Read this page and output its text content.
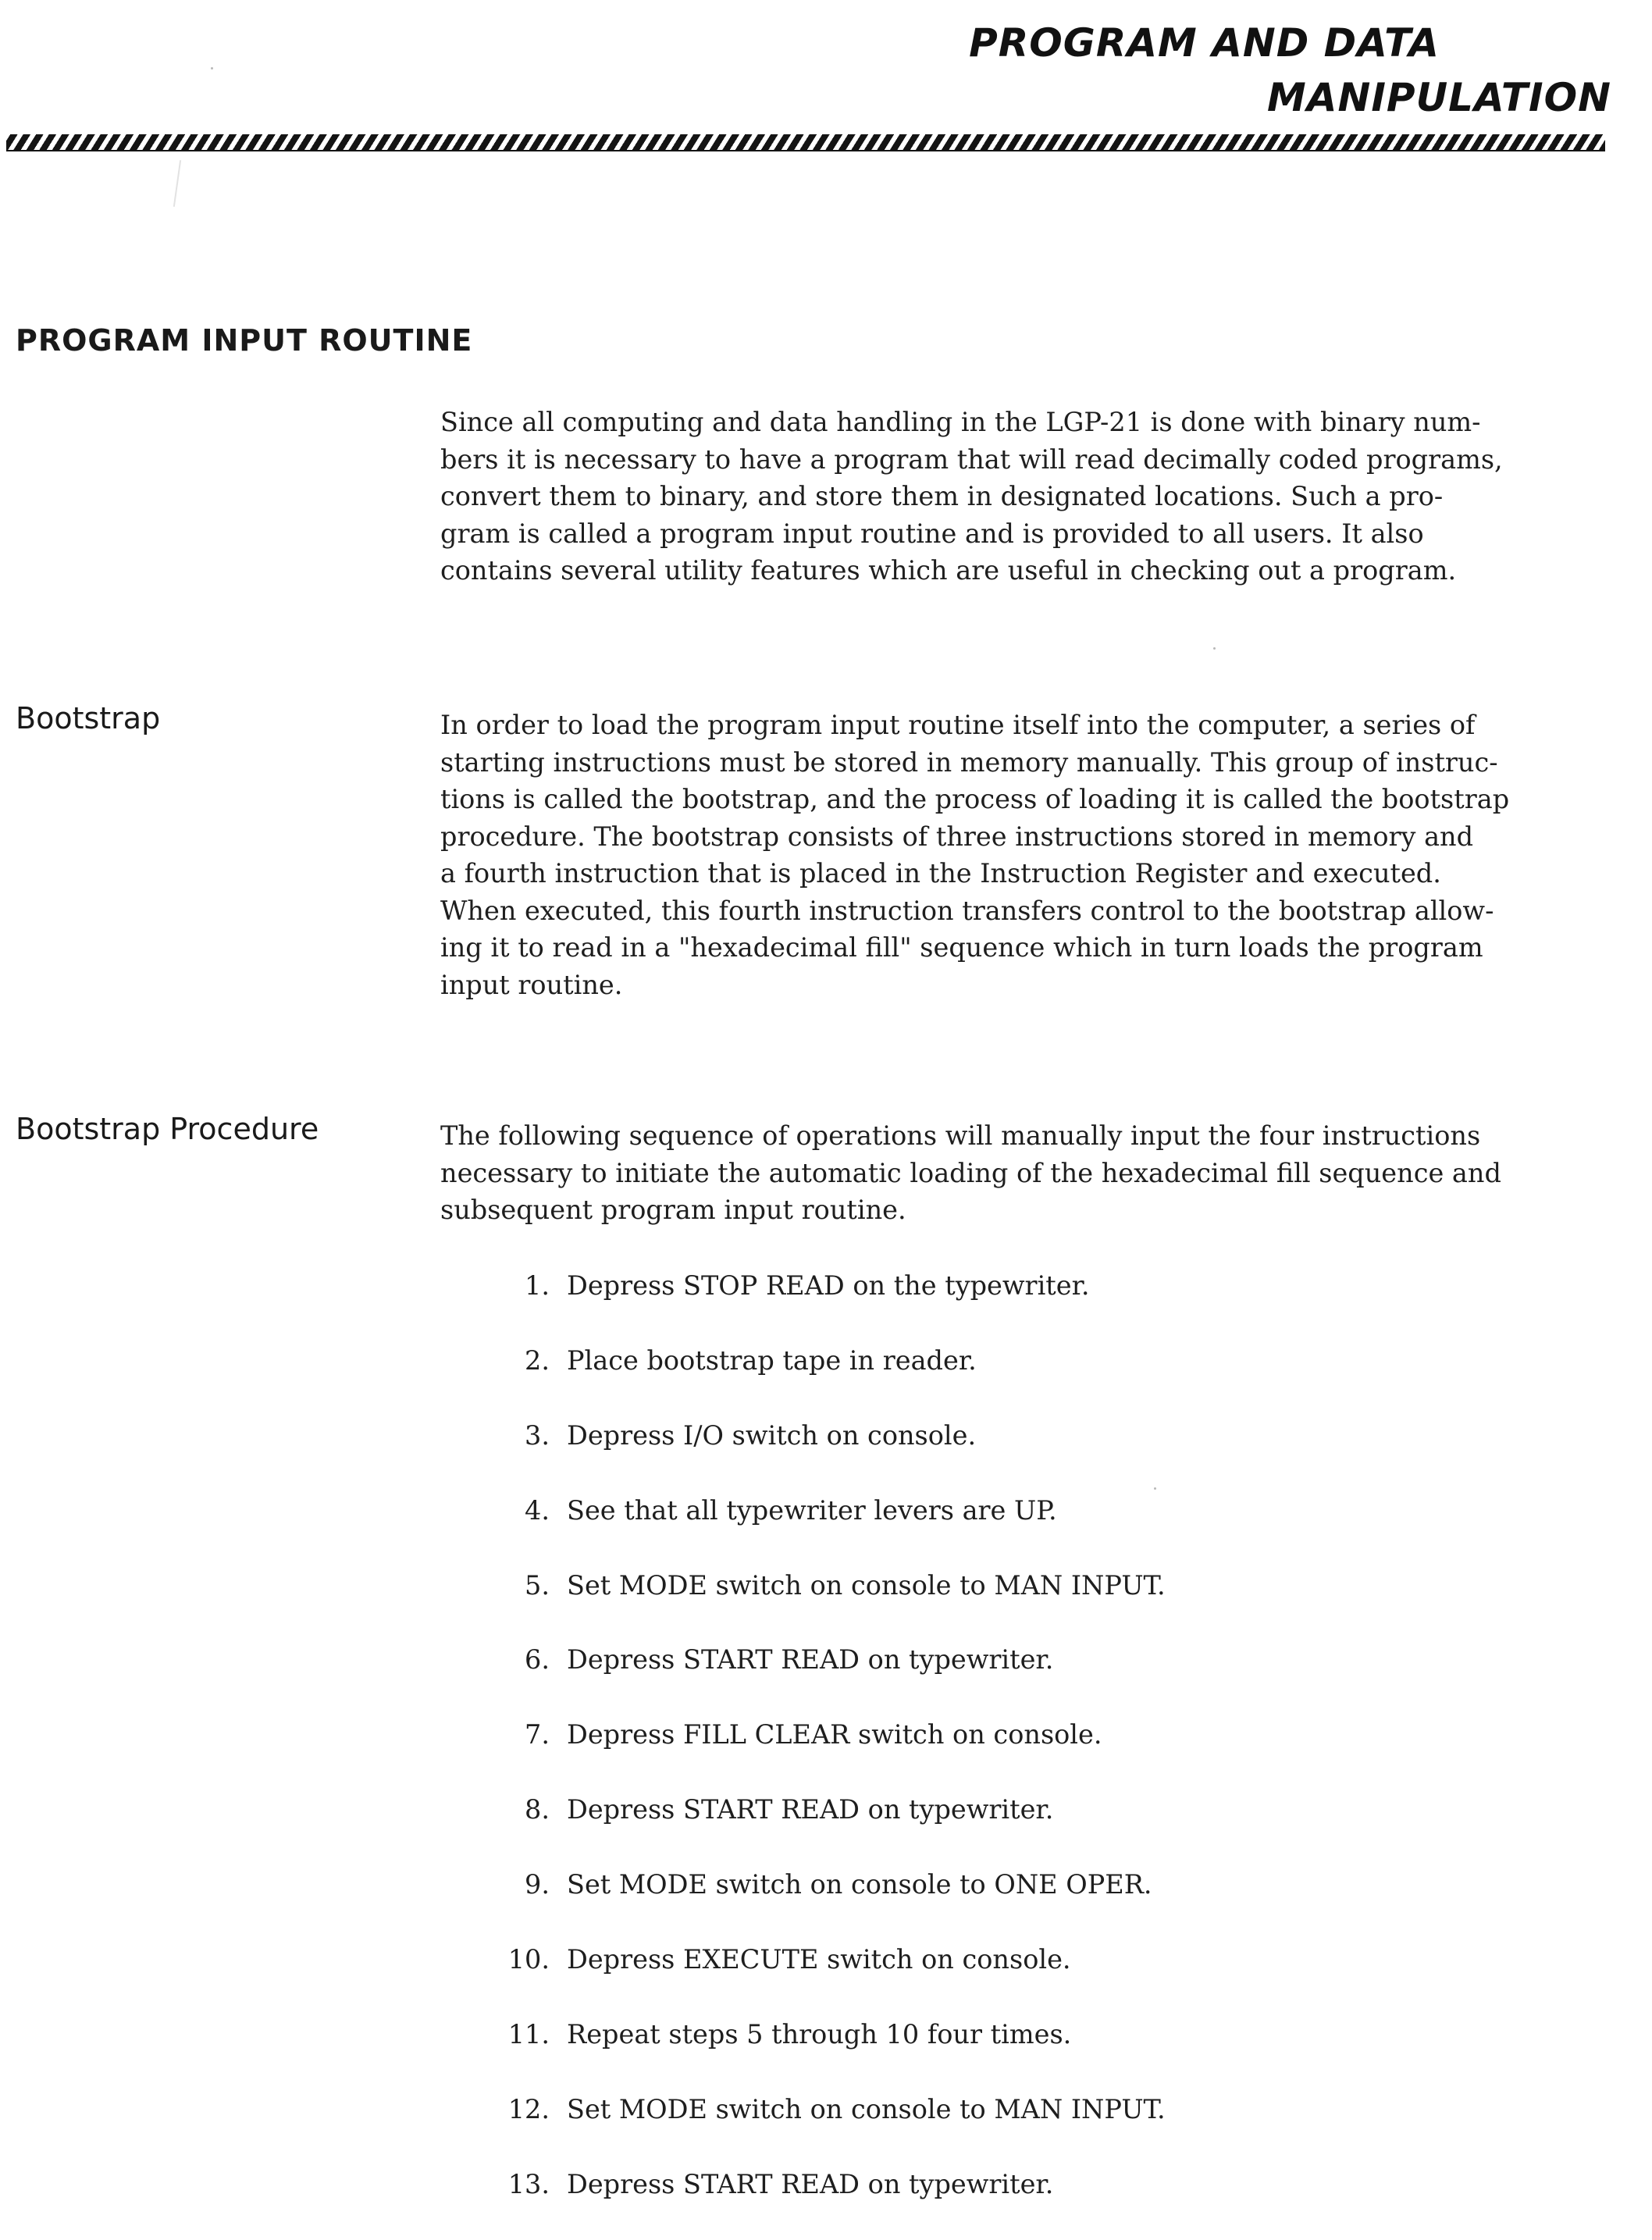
PROGRAM AND DATA
MANIPULATION
PROGRAM INPUT ROUTINE

Since all computing and data handling in the LGP-21 is done with binary num-
bers it is necessary to have a program that will read decimally coded programs,
convert them to binary, and store them in designated locations. Such a pro-
gram is called a program input routine and is provided to all users. It also
contains several utility features which are useful in checking out a program.

Bootstrap	In order to load the program input routine itself into the computer, a series of
starting instructions must be stored in memory manually. This group of instruc-
tions is called the bootstrap, and the process of loading it is called the bootstrap
procedure. The bootstrap consists of three instructions stored in memory and
a fourth instruction that is placed in the Instruction Register and executed.
When executed, this fourth instruction transfers control to the bootstrap allow-
ing it to read in a "hexadecimal fill" sequence which in turn loads the program
input routine.

Bootstrap Procedure	The following sequence of operations will manually input the four instructions
necessary to initiate the automatic loading of the hexadecimal fill sequence and
subsequent program input routine.

1. Depress STOP READ on the typewriter.
2. Place bootstrap tape in reader.
3. Depress I/O switch on console.
4. See that all typewriter levers are UP.
5. Set MODE switch on console to MAN INPUT.
6. Depress START READ on typewriter.
7. Depress FILL CLEAR switch on console.
8. Depress START READ on typewriter.
9. Set MODE switch on console to ONE OPER.
10. Depress EXECUTE switch on console.
11. Repeat steps 5 through 10 four times.
12. Set MODE switch on console to MAN INPUT.
13. Depress START READ on typewriter.
